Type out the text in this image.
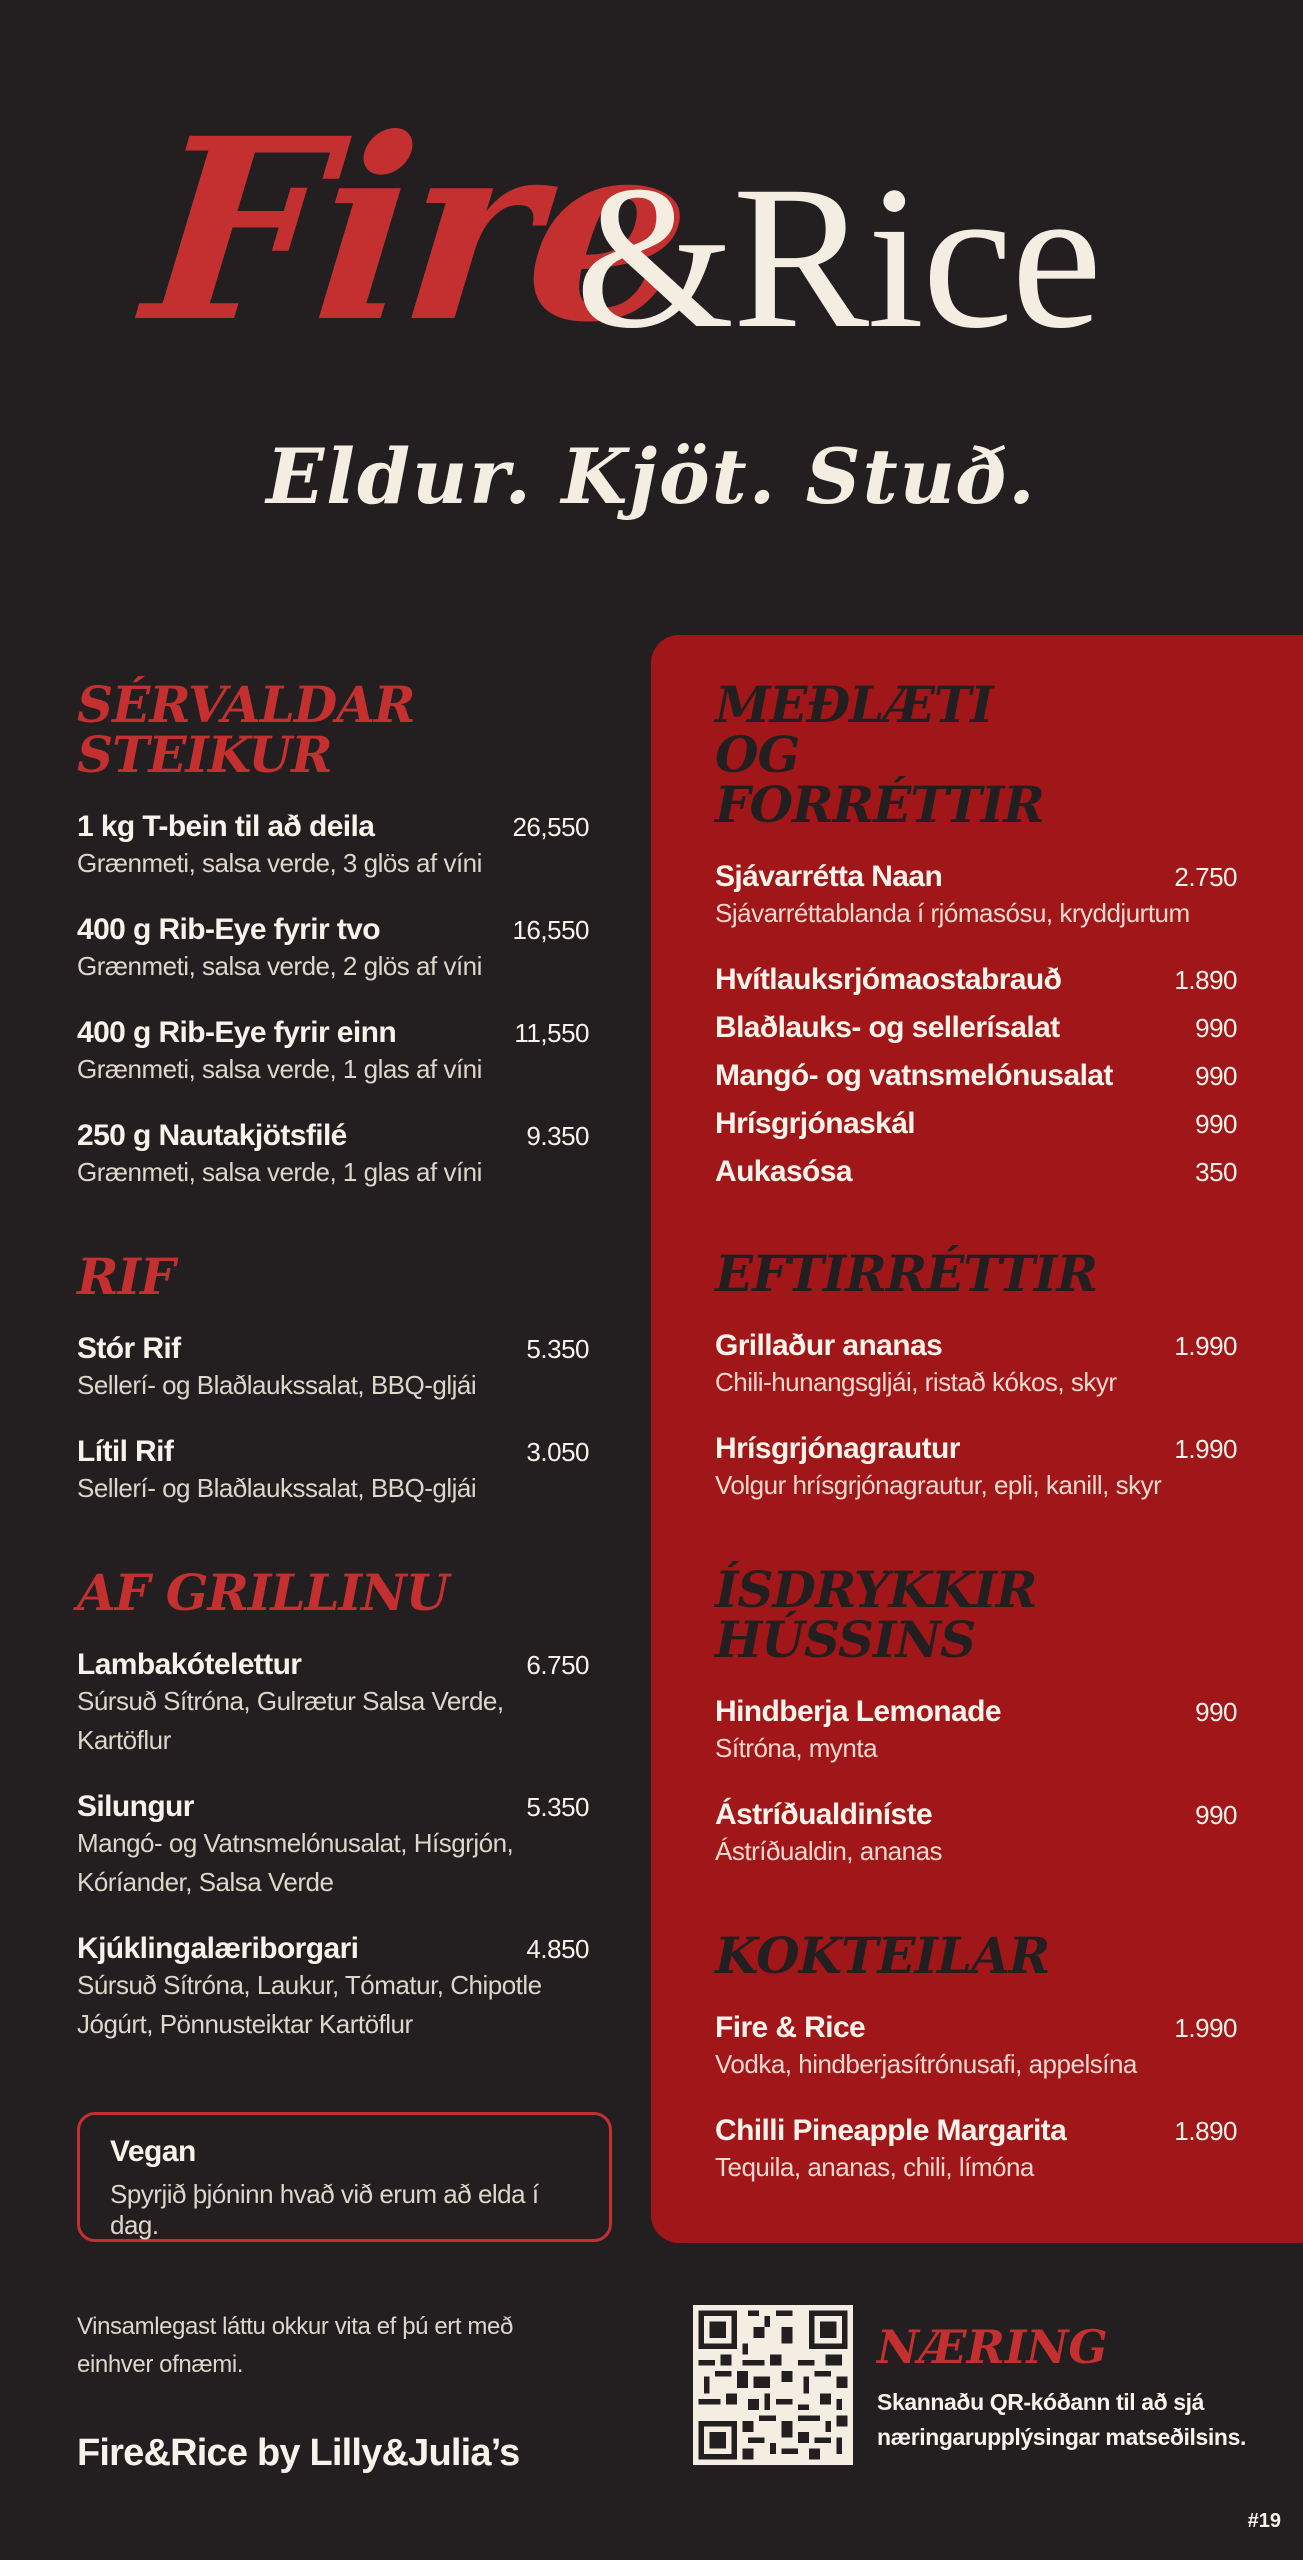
Fire
&Rice
Eldur. Kjöt. Stuð.
SÉRVALDAR STEIKUR
1 kg T-bein til að deila	26,550
Grænmeti, salsa verde, 3 glös af víni
400 g Rib-Eye fyrir tvo	16,550
Grænmeti, salsa verde, 2 glös af víni
400 g Rib-Eye fyrir einn	11,550
Grænmeti, salsa verde, 1 glas af víni
250 g Nautakjötsfilé	9.350
Grænmeti, salsa verde, 1 glas af víni
RIF
Stór Rif	5.350
Sellerí- og Blaðlaukssalat, BBQ-gljái
Lítil Rif	3.050
Sellerí- og Blaðlaukssalat, BBQ-gljái
AF GRILLINU
Lambakótelettur	6.750
Súrsuð Sítróna, Gulrætur Salsa Verde, Kartöflur
Silungur	5.350
Mangó- og Vatnsmelónusalat, Hísgrjón, Kóríander, Salsa Verde
Kjúklingalæriborgari	4.850
Súrsuð Sítróna, Laukur, Tómatur, Chipotle Jógúrt, Pönnusteiktar Kartöflur
Vegan
Spyrjið þjóninn hvað við erum að elda í dag.
MEÐLÆTI OG FORRÉTTIR
Sjávarrétta Naan	2.750
Sjávarréttablanda í rjómasósu, kryddjurtum
Hvítlauksrjómaostabrauð	1.890
Blaðlauks- og sellerísalat	990
Mangó- og vatnsmelónusalat	990
Hrísgrjónaskál	990
Aukasósa	350
EFTIRRÉTTIR
Grillaður ananas	1.990
Chili-hunangsgljái, ristað kókos, skyr
Hrísgrjónagrautur	1.990
Volgur hrísgrjónagrautur, epli, kanill, skyr
ÍSDRYKKIR HÚSSINS
Hindberja Lemonade	990
Sítróna, mynta
Ástríðualdiníste	990
Ástríðualdin, ananas
KOKTEILAR
Fire & Rice	1.990
Vodka, hindberjasítrónusafi, appelsína
Chilli Pineapple Margarita	1.890
Tequila, ananas, chili, límóna
Vinsamlegast láttu okkur vita ef þú ert með einhver ofnæmi.
Fire&Rice by Lilly&Julia’s
NÆRING
Skannaðu QR-kóðann til að sjá næringarupplýsingar matseðilsins.
#19
